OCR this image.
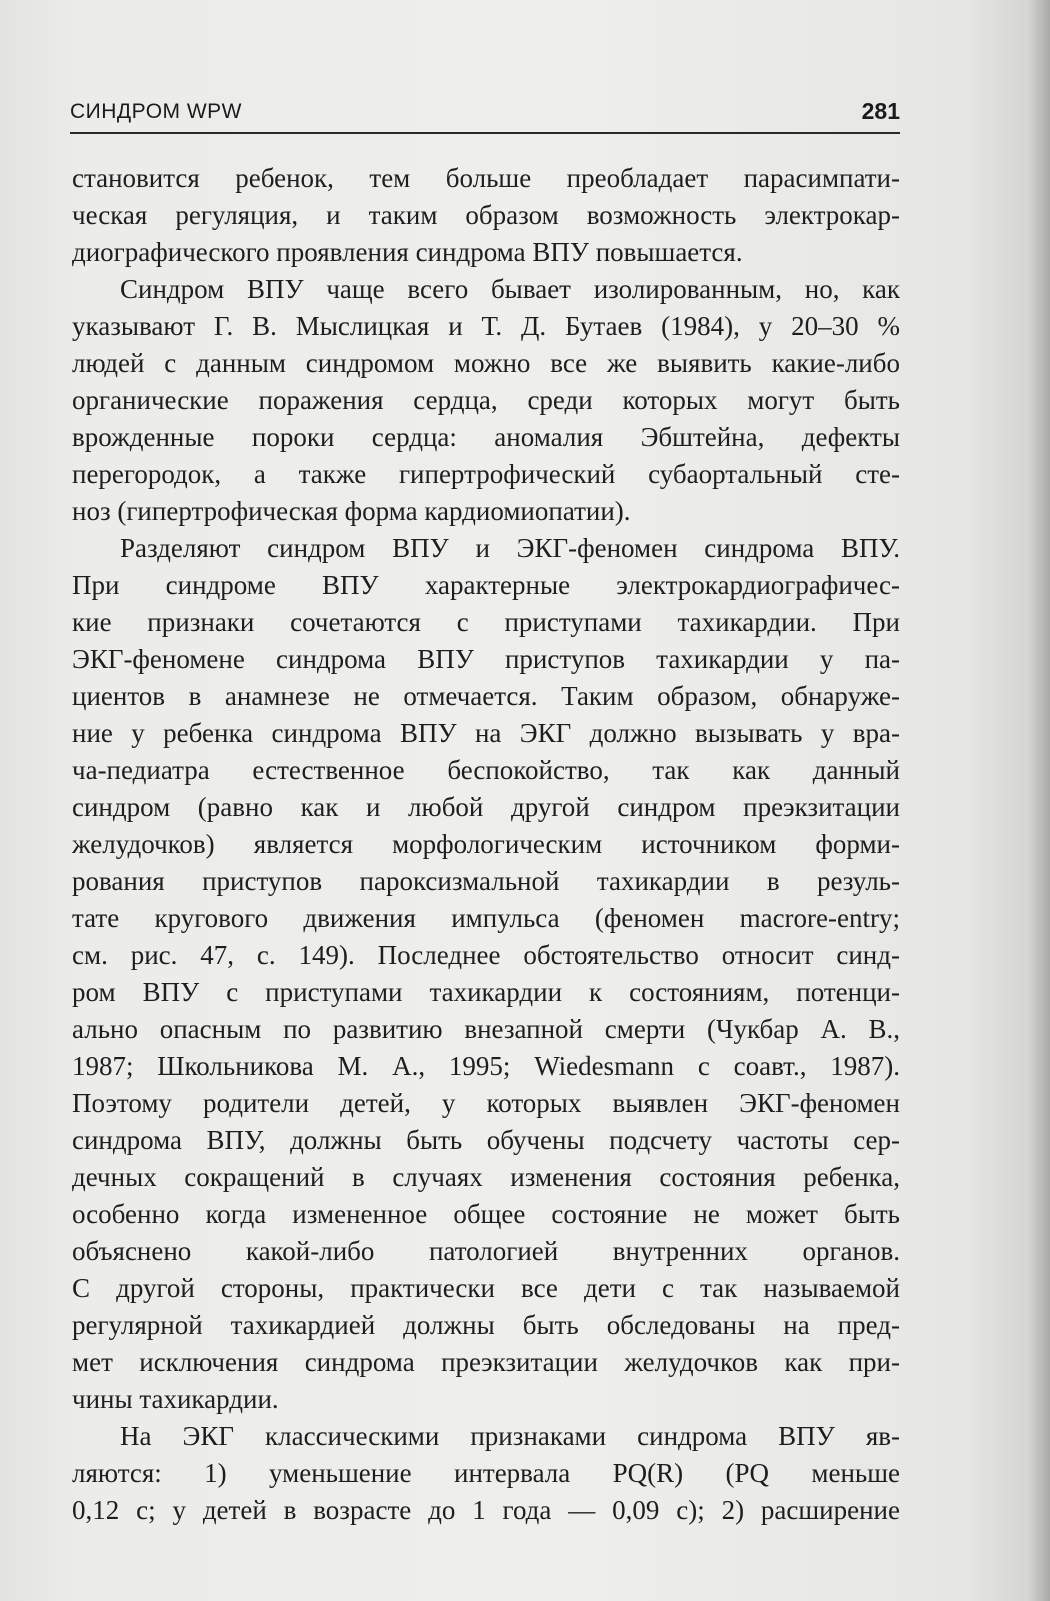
СИНДРОМ WPW	281
становится ребенок, тем больше преобладает парасимпати-
ческая регуляция, и таким образом возможность электрокар-
диографического проявления синдрома ВПУ повышается.
Синдром ВПУ чаще всего бывает изолированным, но, как
указывают Г. В. Мыслицкая и Т. Д. Бутаев (1984), у 20–30 %
людей с данным синдромом можно все же выявить какие-либо
органические поражения сердца, среди которых могут быть
врожденные пороки сердца: аномалия Эбштейна, дефекты
перегородок, а также гипертрофический субаортальный сте-
ноз (гипертрофическая форма кардиомиопатии).
Разделяют синдром ВПУ и ЭКГ-феномен синдрома ВПУ.
При синдроме ВПУ характерные электрокардиографичес-
кие признаки сочетаются с приступами тахикардии. При
ЭКГ-феномене синдрома ВПУ приступов тахикардии у па-
циентов в анамнезе не отмечается. Таким образом, обнаруже-
ние у ребенка синдрома ВПУ на ЭКГ должно вызывать у вра-
ча-педиатра естественное беспокойство, так как данный
синдром (равно как и любой другой синдром преэкзитации
желудочков) является морфологическим источником форми-
рования приступов пароксизмальной тахикардии в резуль-
тате кругового движения импульса (феномен macrore-entry;
см. рис. 47, с. 149). Последнее обстоятельство относит синд-
ром ВПУ с приступами тахикардии к состояниям, потенци-
ально опасным по развитию внезапной смерти (Чукбар А. В.,
1987; Школьникова М. А., 1995; Wiedesmann с соавт., 1987).
Поэтому родители детей, у которых выявлен ЭКГ-феномен
синдрома ВПУ, должны быть обучены подсчету частоты сер-
дечных сокращений в случаях изменения состояния ребенка,
особенно когда измененное общее состояние не может быть
объяснено какой-либо патологией внутренних органов.
С другой стороны, практически все дети с так называемой
регулярной тахикардией должны быть обследованы на пред-
мет исключения синдрома преэкзитации желудочков как при-
чины тахикардии.
На ЭКГ классическими признаками синдрома ВПУ яв-
ляются: 1) уменьшение интервала PQ(R) (PQ меньше
0,12 с; у детей в возрасте до 1 года — 0,09 с); 2) расширение
